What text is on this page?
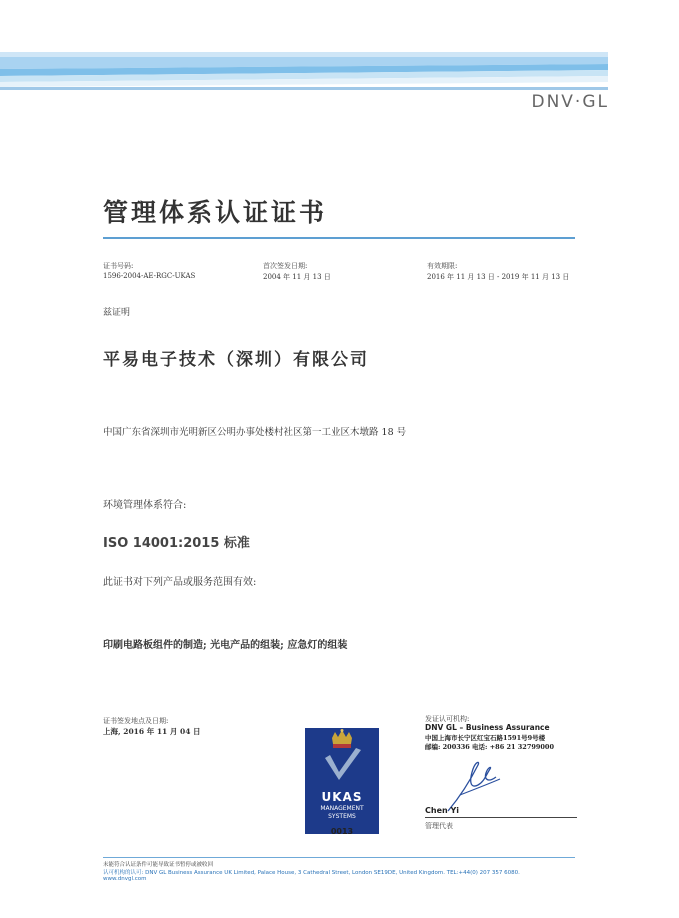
DNV·GL
管理体系认证证书
证书号码:
1596-2004-AE-RGC-UKAS
首次签发日期:
2004 年 11 月 13 日
有效期限:
2016 年 11 月 13 日 - 2019 年 11 月 13 日
兹证明
平易电子技术（深圳）有限公司
中国广东省深圳市光明新区公明办事处楼村社区第一工业区木墩路 18 号
环境管理体系符合:
ISO 14001:2015 标准
此证书对下列产品或服务范围有效:
印刷电路板组件的制造; 光电产品的组装; 应急灯的组装
证书签发地点及日期:
上海, 2016 年 11 月 04 日
UKAS
MANAGEMENT
SYSTEMS
0013
发证认可机构:
DNV GL – Business Assurance
中国上海市长宁区红宝石路1591号9号楼
邮编: 200336 电话: +86 21 32799000
Chen Yi
管理代表
未能符合认证条件可能导致证书暂停或被收回
认可机构的认可: DNV GL Business Assurance UK Limited, Palace House, 3 Cathedral Street, London SE19DE, United Kingdom. TEL:+44(0) 207 357 6080.
www.dnvgl.com
